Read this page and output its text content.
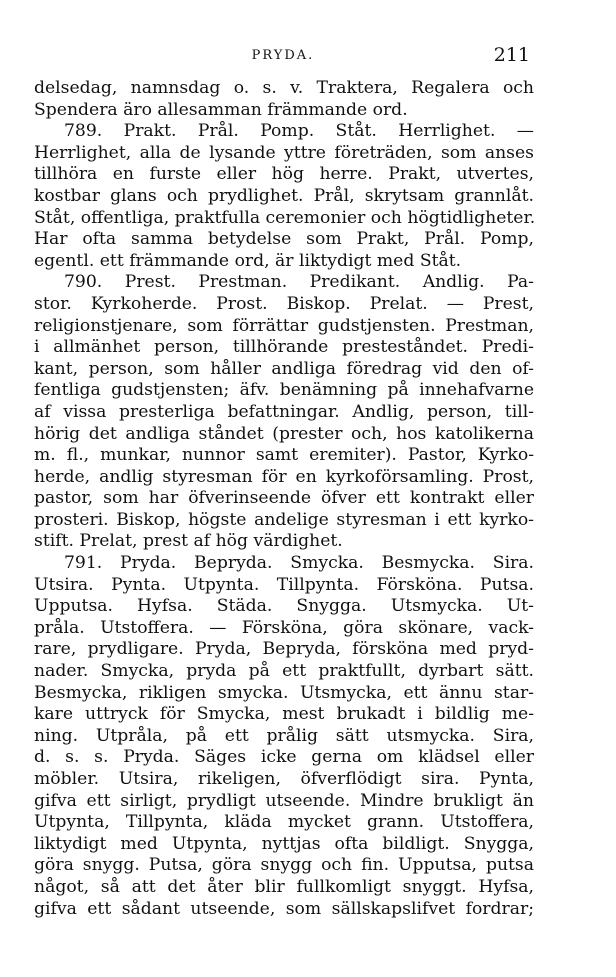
PRYDA.	211
delsedag, namnsdag o. s. v. Traktera, Regalera och
Spendera äro allesamman främmande ord.
789. Prakt. Prål. Pomp. Ståt. Herrlighet. —
Herrlighet, alla de lysande yttre företräden, som anses
tillhöra en furste eller hög herre. Prakt, utvertes,
kostbar glans och prydlighet. Prål, skrytsam grannlåt.
Ståt, offentliga, praktfulla ceremonier och högtidligheter.
Har ofta samma betydelse som Prakt, Prål. Pomp,
egentl. ett främmande ord, är liktydigt med Ståt.
790. Prest. Prestman. Predikant. Andlig. Pa-
stor. Kyrkoherde. Prost. Biskop. Prelat. — Prest,
religionstjenare, som förrättar gudstjensten. Prestman,
i allmänhet person, tillhörande presteståndet. Predi-
kant, person, som håller andliga föredrag vid den of-
fentliga gudstjensten; äfv. benämning på innehafvarne
af vissa presterliga befattningar. Andlig, person, till-
hörig det andliga ståndet (prester och, hos katolikerna
m. fl., munkar, nunnor samt eremiter). Pastor, Kyrko-
herde, andlig styresman för en kyrkoförsamling. Prost,
pastor, som har öfverinseende öfver ett kontrakt eller
prosteri. Biskop, högste andelige styresman i ett kyrko-
stift. Prelat, prest af hög värdighet.
791. Pryda. Bepryda. Smycka. Besmycka. Sira.
Utsira. Pynta. Utpynta. Tillpynta. Försköna. Putsa.
Upputsa. Hyfsa. Städa. Snygga. Utsmycka. Ut-
pråla. Utstoffera. — Försköna, göra skönare, vack-
rare, prydligare. Pryda, Bepryda, försköna med pryd-
nader. Smycka, pryda på ett praktfullt, dyrbart sätt.
Besmycka, rikligen smycka. Utsmycka, ett ännu star-
kare uttryck för Smycka, mest brukadt i bildlig me-
ning. Utpråla, på ett prålig sätt utsmycka. Sira,
d. s. s. Pryda. Säges icke gerna om klädsel eller
möbler. Utsira, rikeligen, öfverflödigt sira. Pynta,
gifva ett sirligt, prydligt utseende. Mindre brukligt än
Utpynta, Tillpynta, kläda mycket grann. Utstoffera,
liktydigt med Utpynta, nyttjas ofta bildligt. Snygga,
göra snygg. Putsa, göra snygg och fin. Upputsa, putsa
något, så att det åter blir fullkomligt snyggt. Hyfsa,
gifva ett sådant utseende, som sällskapslifvet fordrar;
